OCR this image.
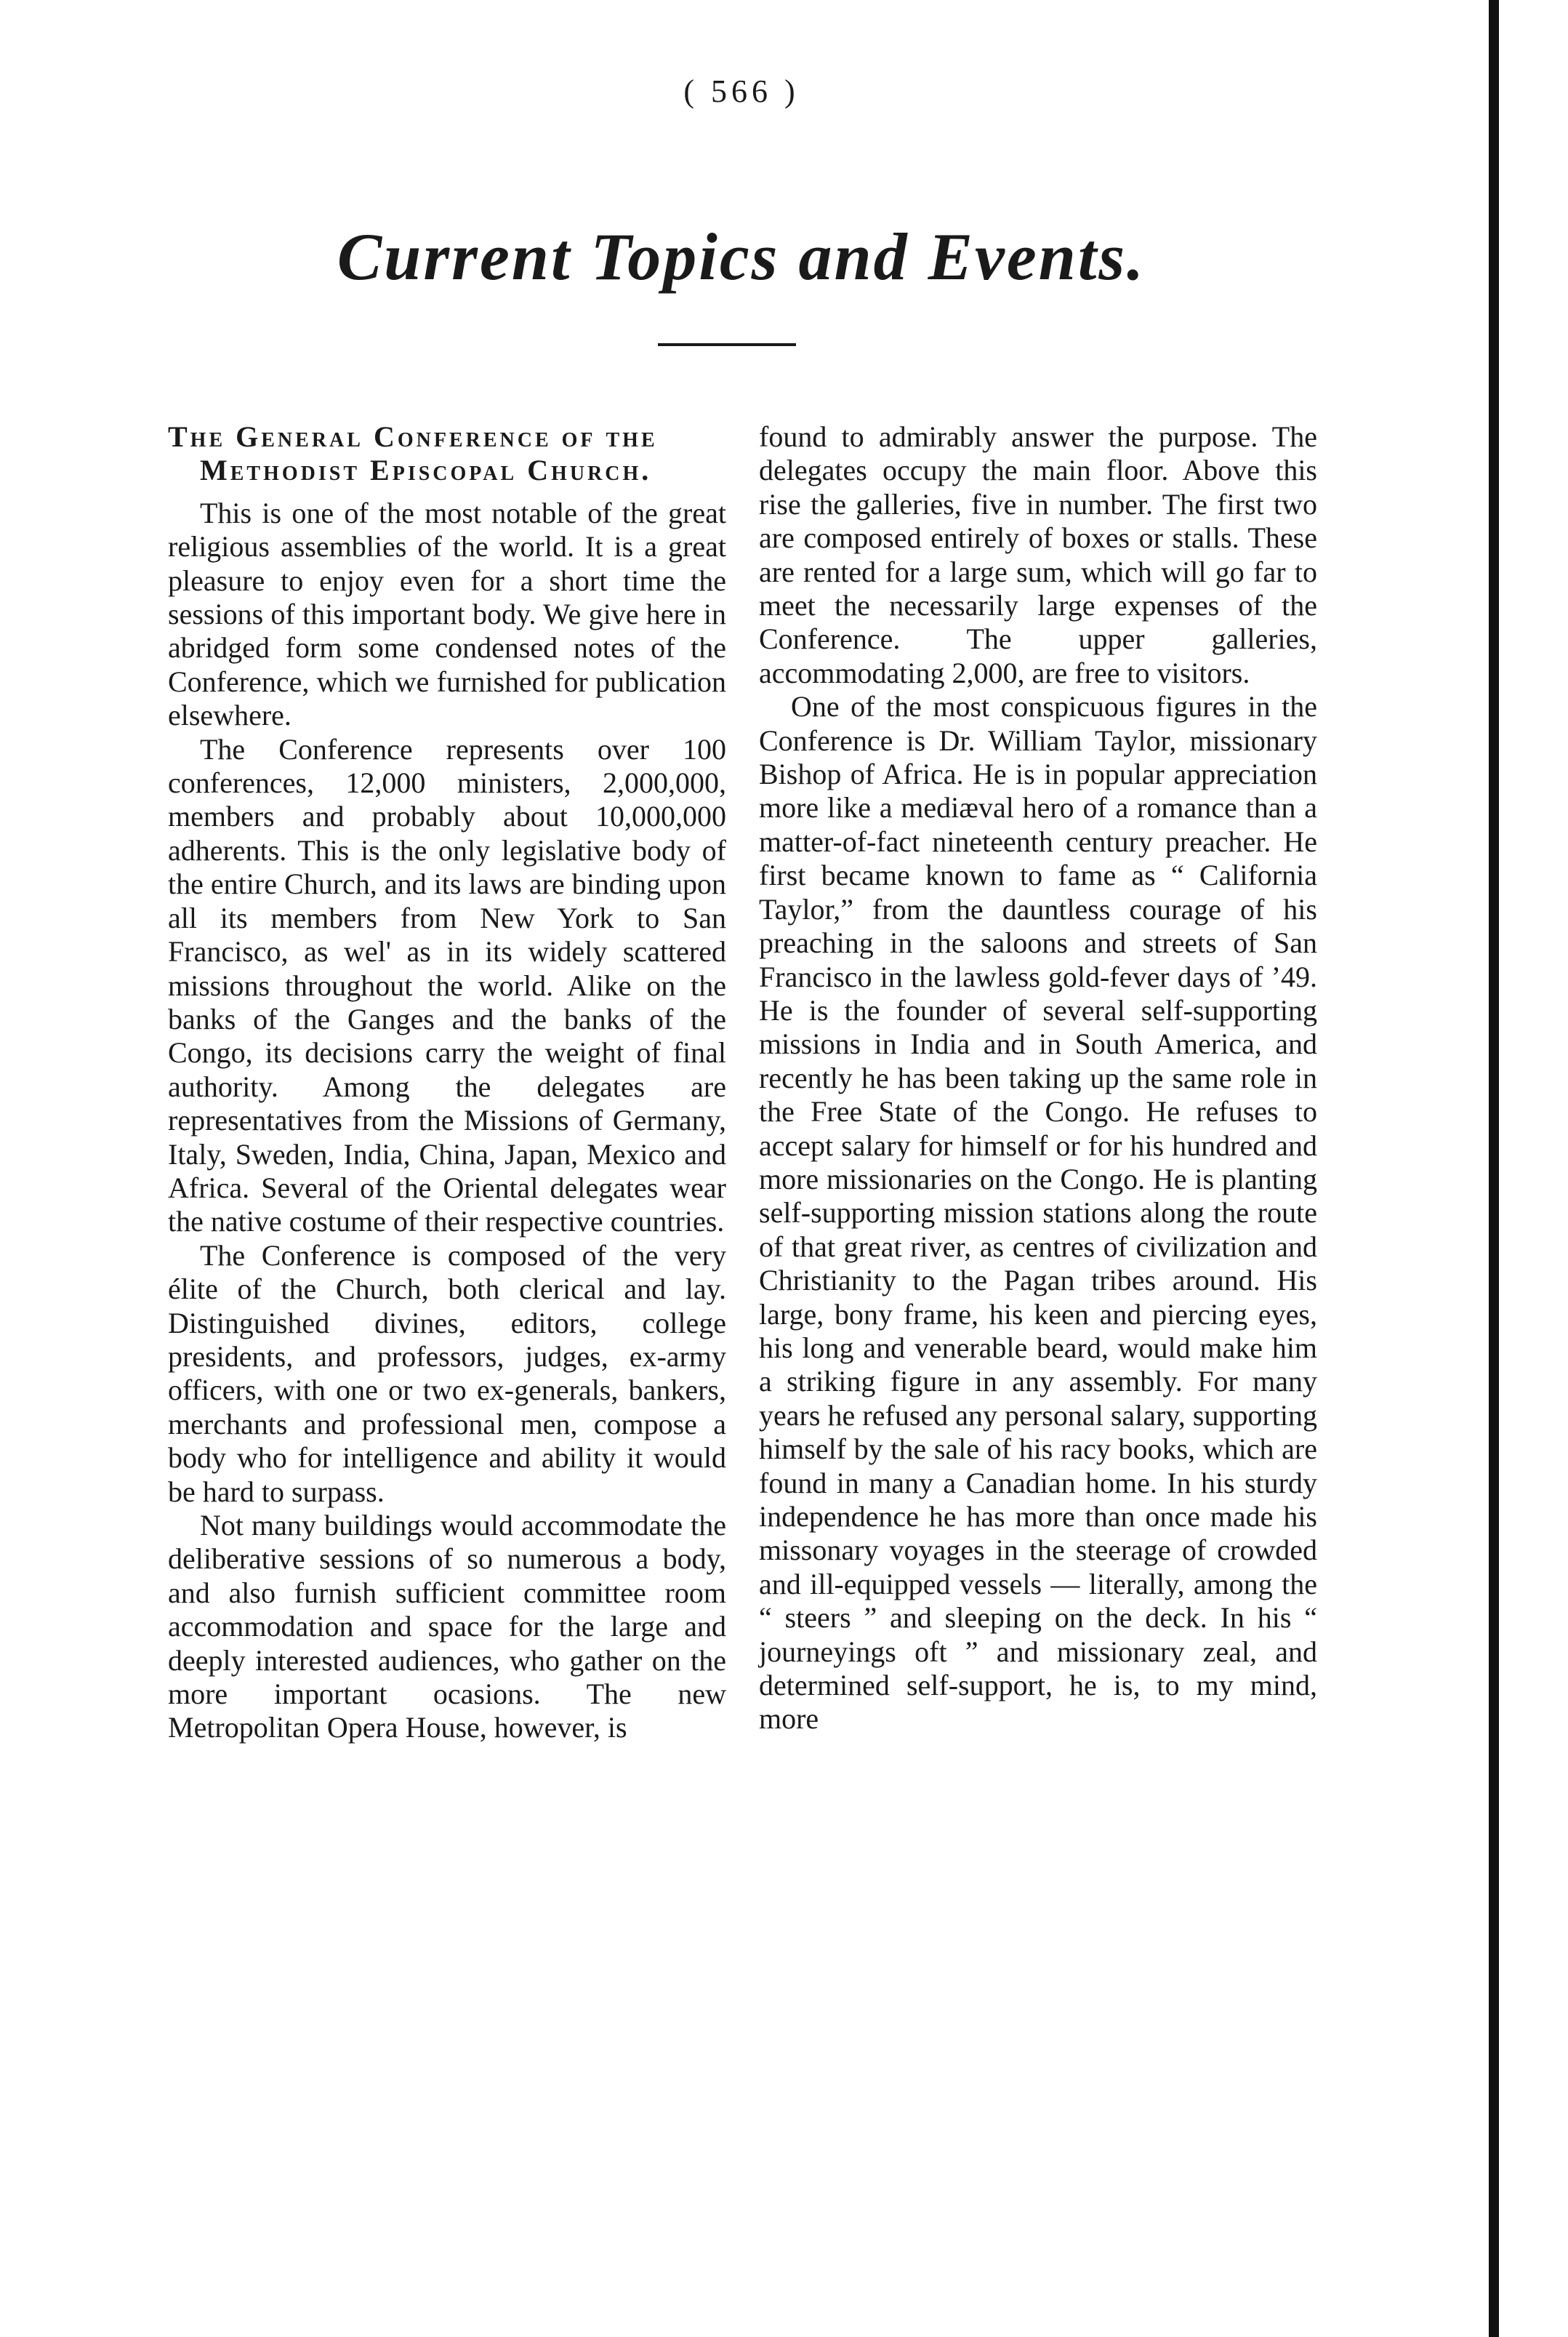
( 566 )
Current Topics and Events.
The General Conference of the Methodist Episcopal Church.

This is one of the most notable of the great religious assemblies of the world. It is a great pleasure to enjoy even for a short time the sessions of this important body. We give here in abridged form some condensed notes of the Conference, which we furnished for publication elsewhere.

The Conference represents over 100 conferences, 12,000 ministers, 2,000,000, members and probably about 10,000,000 adherents. This is the only legislative body of the entire Church, and its laws are binding upon all its members from New York to San Francisco, as wel' as in its widely scattered missions throughout the world. Alike on the banks of the Ganges and the banks of the Congo, its decisions carry the weight of final authority. Among the delegates are representatives from the Missions of Germany, Italy, Sweden, India, China, Japan, Mexico and Africa. Several of the Oriental delegates wear the native costume of their respective countries.

The Conference is composed of the very élite of the Church, both clerical and lay. Distinguished divines, editors, college presidents, and professors, judges, ex-army officers, with one or two ex-generals, bankers, merchants and professional men, compose a body who for intelligence and ability it would be hard to surpass.

Not many buildings would accommodate the deliberative sessions of so numerous a body, and also furnish sufficient committee room accommodation and space for the large and deeply interested audiences, who gather on the more important ocasions. The new Metropolitan Opera House, however, is

found to admirably answer the purpose. The delegates occupy the main floor. Above this rise the galleries, five in number. The first two are composed entirely of boxes or stalls. These are rented for a large sum, which will go far to meet the necessarily large expenses of the Conference. The upper galleries, accommodating 2,000, are free to visitors.

One of the most conspicuous figures in the Conference is Dr. William Taylor, missionary Bishop of Africa. He is in popular appreciation more like a mediæval hero of a romance than a matter-of-fact nineteenth century preacher. He first became known to fame as “ California Taylor,” from the dauntless courage of his preaching in the saloons and streets of San Francisco in the lawless gold-fever days of ’49. He is the founder of several self-supporting missions in India and in South America, and recently he has been taking up the same role in the Free State of the Congo. He refuses to accept salary for himself or for his hundred and more missionaries on the Congo. He is planting self-supporting mission stations along the route of that great river, as centres of civilization and Christianity to the Pagan tribes around. His large, bony frame, his keen and piercing eyes, his long and venerable beard, would make him a striking figure in any assembly. For many years he refused any personal salary, supporting himself by the sale of his racy books, which are found in many a Canadian home. In his sturdy independence he has more than once made his missonary voyages in the steerage of crowded and ill-equipped vessels — literally, among the “ steers ” and sleeping on the deck. In his “ journeyings oft ” and missionary zeal, and determined self-support, he is, to my mind, more
